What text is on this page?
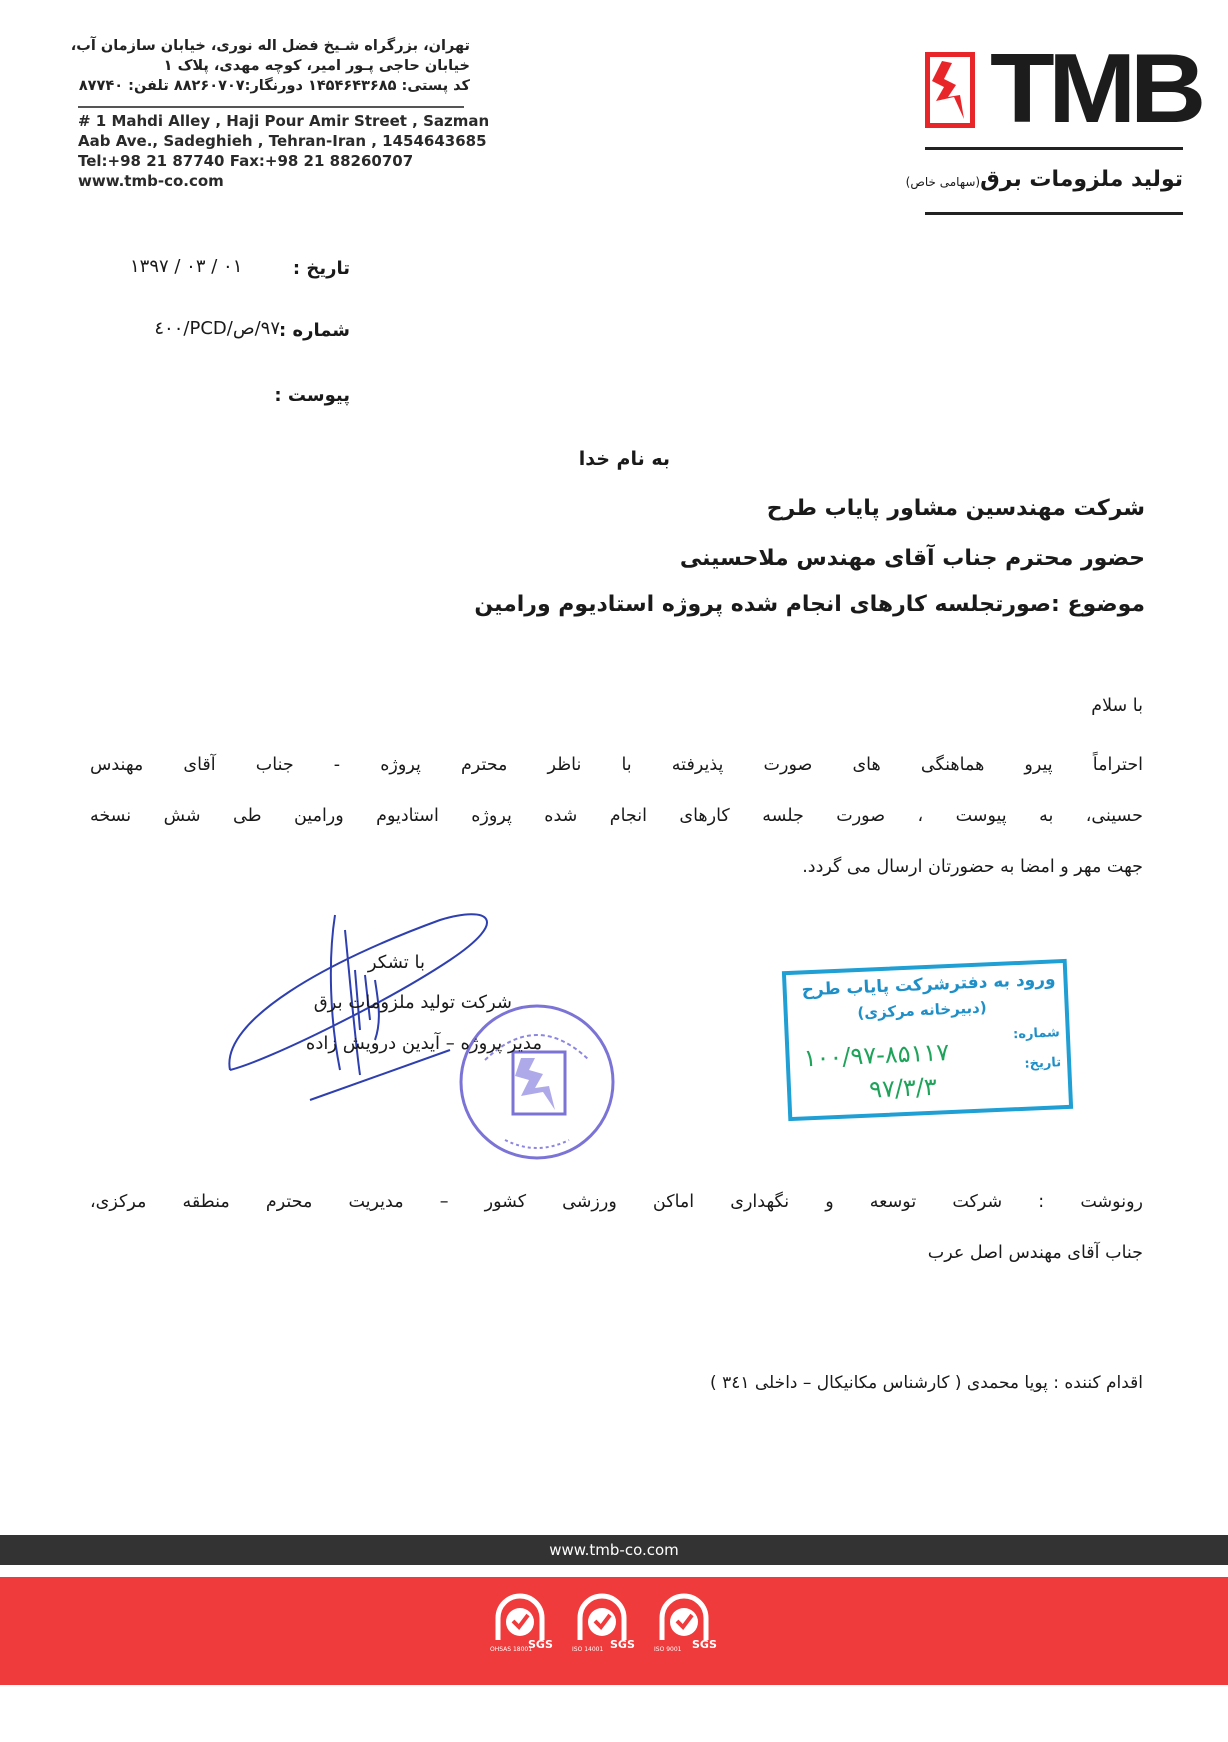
تهران، بزرگراه شـیخ فضل اله نوری، خیابان سازمان آب،
خیابان حاجی پـور امیر، کوچه مهدی، پلاک ۱
کد پستی: ۱۴۵۴۶۴۳۶۸۵ دورنگار:۸۸۲۶۰۷۰۷ تلفن: ۸۷۷۴۰
# 1 Mahdi Alley , Haji Pour Amir Street , Sazman
Aab Ave., Sadeghieh , Tehran-Iran , 1454643685
Tel:+98 21 87740 Fax:+98 21 88260707
www.tmb-co.com
TMB
تولید ملزومات برق(سهامی خاص)
تاریخ :
۱۳۹۷ / ۰۳ / ۰۱
شماره :
۹۷/ص/PCD/٤۰۰
پیوست :
به نام خدا
شرکت مهندسین مشاور پایاب طرح
حضور محترم جناب آقای مهندس ملاحسینی
موضوع :صورتجلسه کارهای انجام شده پروژه استادیوم ورامین
با سلام
احتراماً پیرو هماهنگی های صورت پذیرفته با ناظر محترم پروژه - جناب آقای مهندس
حسینی، به پیوست ، صورت جلسه کارهای انجام شده پروژه استادیوم ورامین طی شش نسخه
جهت مهر و امضا به حضورتان ارسال می گردد.
با تشکر
شرکت تولید ملزومات برق
مدیر پروژه – آیدین درویش زاده
ورود به دفترشرکت پایاب طرح
(دبیرخانه مرکزی)
شماره:
تاریخ:
۱۰۰/۹۷-۸۵۱۱۷
۹۷/۳/۳
رونوشت : شرکت توسعه و نگهداری اماکن ورزشی کشور – مدیریت محترم منطقه مرکزی،
جناب آقای مهندس اصل عرب
اقدام کننده : پویا محمدی ( کارشناس مکانیکال – داخلی ۳٤۱ )
www.tmb-co.com
SGS
OHSAS 18001	SGS
ISO 14001	SGS
ISO 9001
